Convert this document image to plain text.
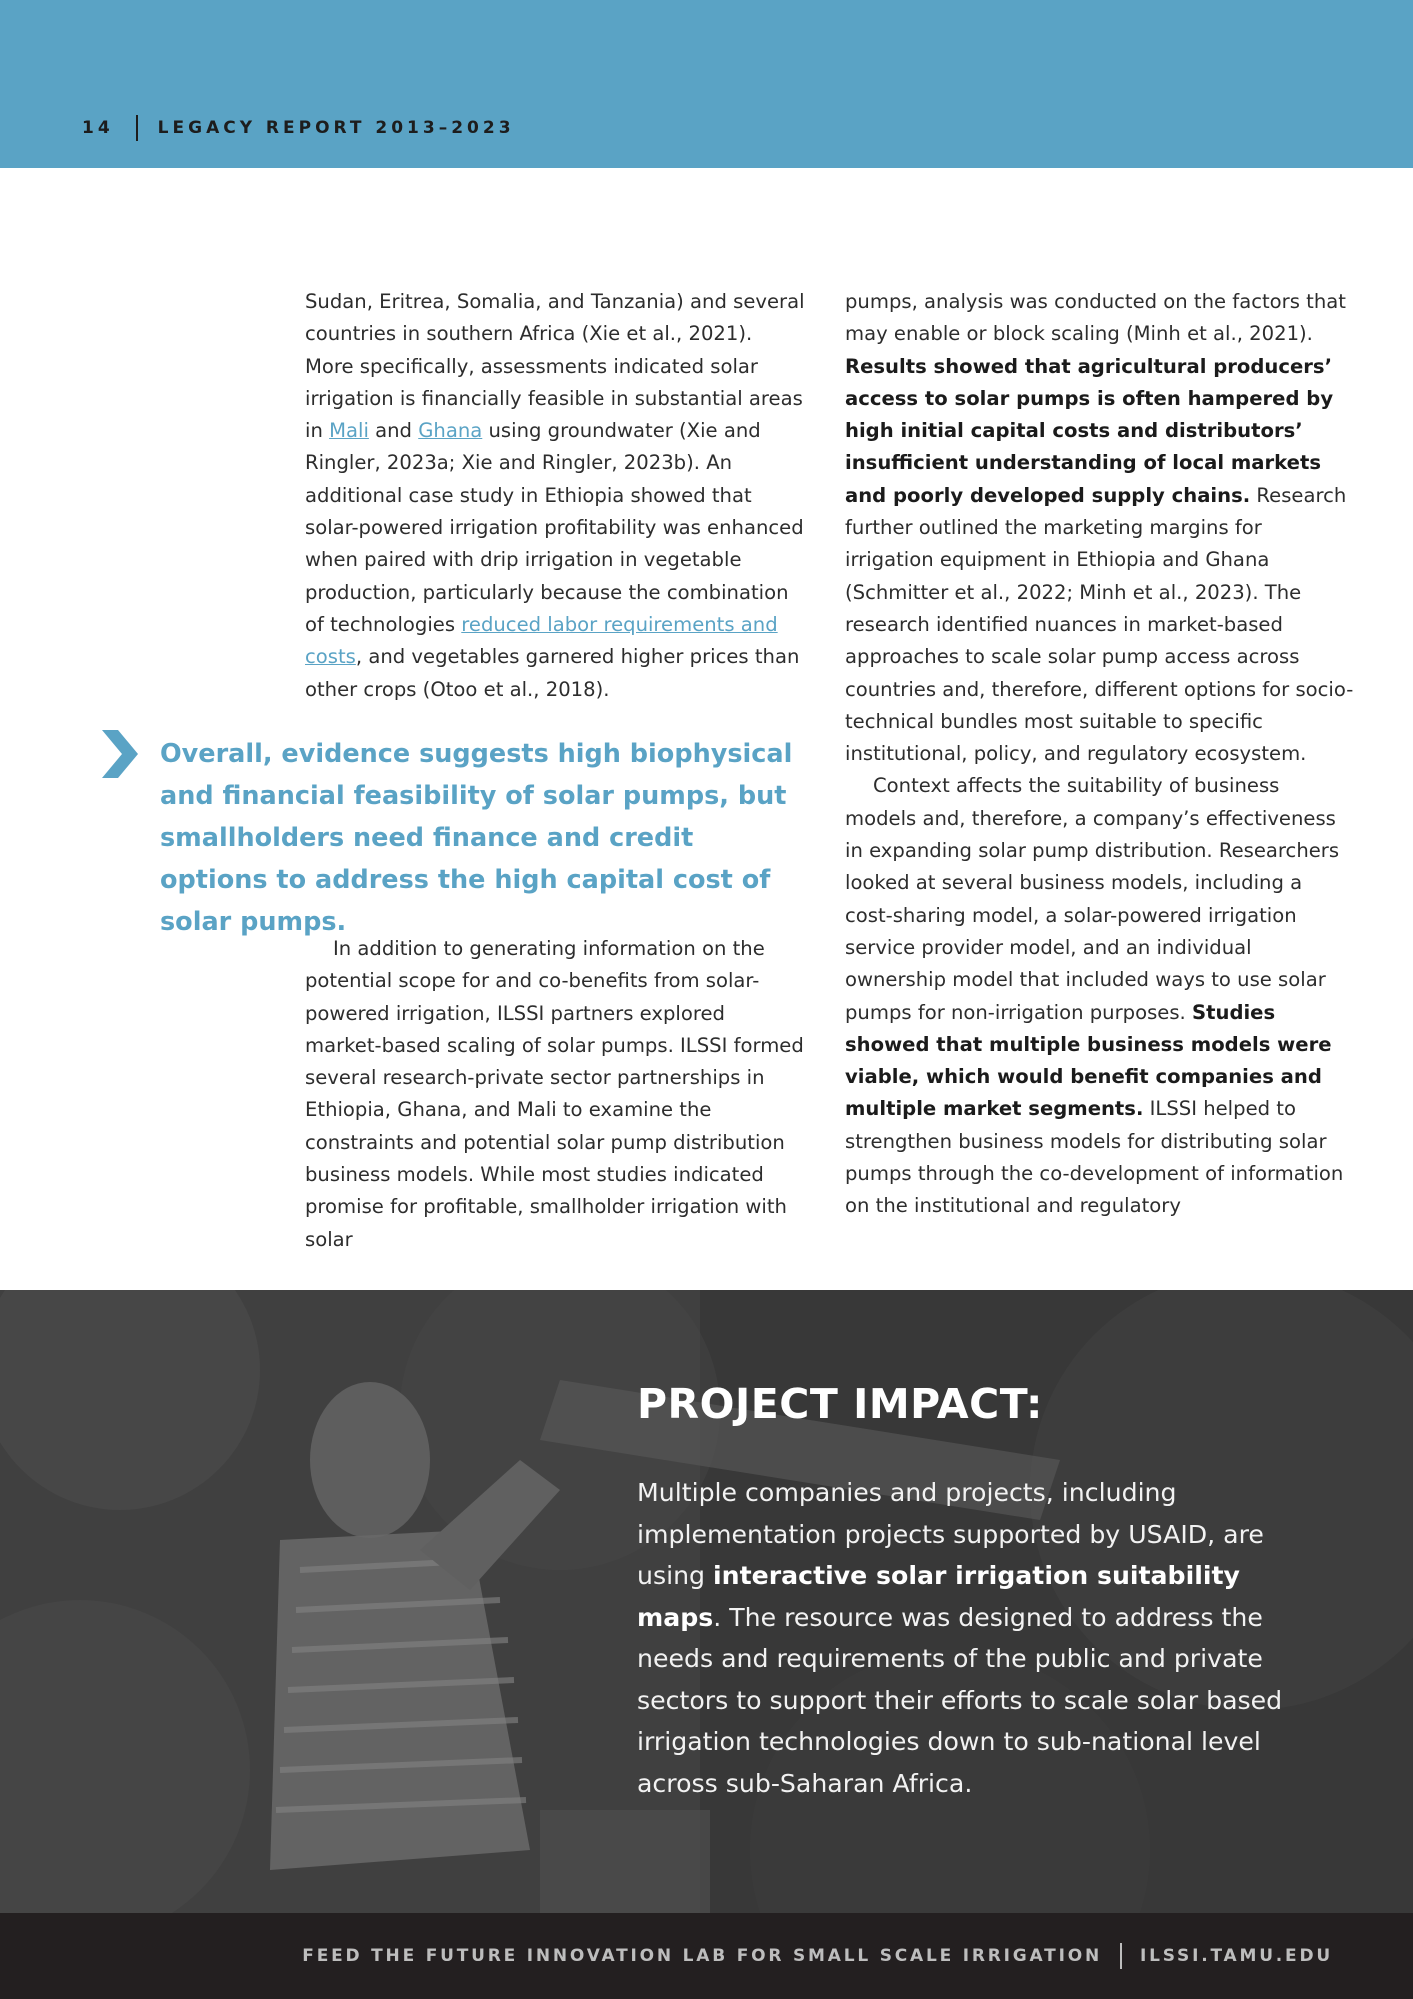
14	LEGACY REPORT 2013–2023

Sudan, Eritrea, Somalia, and Tanzania) and several countries in southern Africa (Xie et al., 2021). More specifically, assessments indicated solar irrigation is financially feasible in substantial areas in Mali and Ghana using groundwater (Xie and Ringler, 2023a; Xie and Ringler, 2023b). An additional case study in Ethiopia showed that solar-powered irrigation profitability was enhanced when paired with drip irrigation in vegetable production, particularly because the combination of technologies reduced labor requirements and costs, and vegetables garnered higher prices than other crops (Otoo et al., 2018).

Overall, evidence suggests high biophysical and financial feasibility of solar pumps, but smallholders need finance and credit options to address the high capital cost of solar pumps.

In addition to generating information on the potential scope for and co-benefits from solar-powered irrigation, ILSSI partners explored market-based scaling of solar pumps. ILSSI formed several research-private sector partnerships in Ethiopia, Ghana, and Mali to examine the constraints and potential solar pump distribution business models. While most studies indicated promise for profitable, smallholder irrigation with solar

pumps, analysis was conducted on the factors that may enable or block scaling (Minh et al., 2021). Results showed that agricultural producers’ access to solar pumps is often hampered by high initial capital costs and distributors’ insufficient understanding of local markets and poorly developed supply chains. Research further outlined the marketing margins for irrigation equipment in Ethiopia and Ghana (Schmitter et al., 2022; Minh et al., 2023). The research identified nuances in market-based approaches to scale solar pump access across countries and, therefore, different options for socio-technical bundles most suitable to specific institutional, policy, and regulatory ecosystem.

Context affects the suitability of business models and, therefore, a company’s effectiveness in expanding solar pump distribution. Researchers looked at several business models, including a cost-sharing model, a solar-powered irrigation service provider model, and an individual ownership model that included ways to use solar pumps for non-irrigation purposes. Studies showed that multiple business models were viable, which would benefit companies and multiple market segments. ILSSI helped to strengthen business models for distributing solar pumps through the co-development of information on the institutional and regulatory

PROJECT IMPACT:
Multiple companies and projects, including implementation projects supported by USAID, are using interactive solar irrigation suitability maps. The resource was designed to address the needs and requirements of the public and private sectors to support their efforts to scale solar based irrigation technologies down to sub-national level across sub-Saharan Africa.
FEED THE FUTURE INNOVATION LAB FOR SMALL SCALE IRRIGATION ILSSI.TAMU.EDU
